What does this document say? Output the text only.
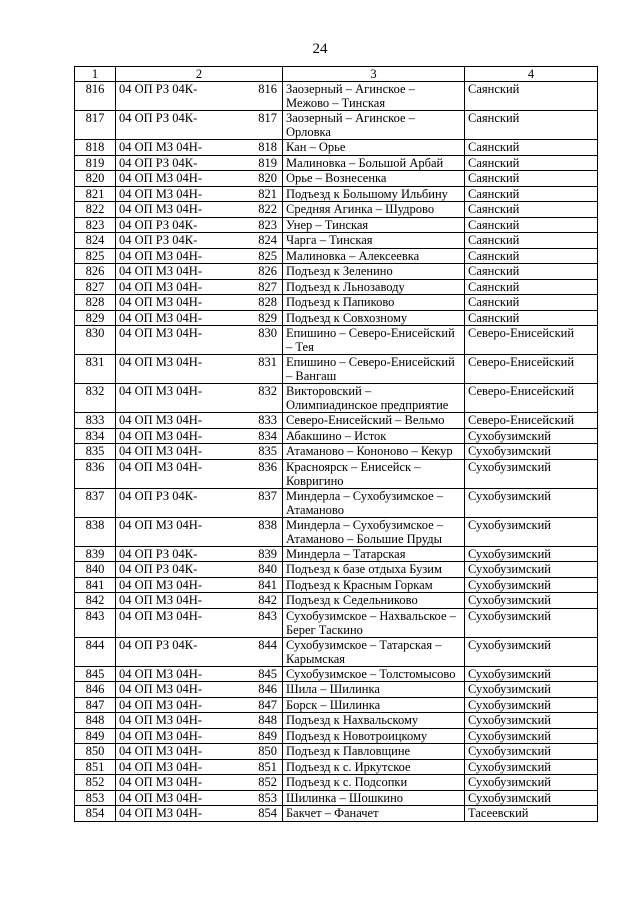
24
1	2	3	4
816	04 ОП РЗ 04К- 816	Заозерный – Агинское – Межово – Тинская	Саянский
817	04 ОП РЗ 04К- 817	Заозерный – Агинское – Орловка	Саянский
818	04 ОП МЗ 04Н- 818	Кан – Орье	Саянский
819	04 ОП РЗ 04К- 819	Малиновка – Большой Арбай	Саянский
820	04 ОП МЗ 04Н- 820	Орье – Вознесенка	Саянский
821	04 ОП МЗ 04Н- 821	Подъезд к Большому Ильбину	Саянский
822	04 ОП МЗ 04Н- 822	Средняя Агинка – Шудрово	Саянский
823	04 ОП РЗ 04К- 823	Унер – Тинская	Саянский
824	04 ОП РЗ 04К- 824	Чарга – Тинская	Саянский
825	04 ОП МЗ 04Н- 825	Малиновка – Алексеевка	Саянский
826	04 ОП МЗ 04Н- 826	Подъезд к Зеленино	Саянский
827	04 ОП МЗ 04Н- 827	Подъезд к Льнозаводу	Саянский
828	04 ОП МЗ 04Н- 828	Подъезд к Папиково	Саянский
829	04 ОП МЗ 04Н- 829	Подъезд к Совхозному	Саянский
830	04 ОП МЗ 04Н- 830	Епишино – Северо-Енисейский – Тея	Северо-Енисейский
831	04 ОП МЗ 04Н- 831	Епишино – Северо-Енисейский – Вангаш	Северо-Енисейский
832	04 ОП МЗ 04Н- 832	Викторовский – Олимпиадинское предприятие	Северо-Енисейский
833	04 ОП МЗ 04Н- 833	Северо-Енисейский – Вельмо	Северо-Енисейский
834	04 ОП МЗ 04Н- 834	Абакшино – Исток	Сухобузимский
835	04 ОП МЗ 04Н- 835	Атаманово – Кононово – Кекур	Сухобузимский
836	04 ОП МЗ 04Н- 836	Красноярск – Енисейск – Ковригино	Сухобузимский
837	04 ОП РЗ 04К- 837	Миндерла – Сухобузимское – Атаманово	Сухобузимский
838	04 ОП МЗ 04Н- 838	Миндерла – Сухобузимское – Атаманово – Большие Пруды	Сухобузимский
839	04 ОП РЗ 04К- 839	Миндерла – Татарская	Сухобузимский
840	04 ОП РЗ 04К- 840	Подъезд к базе отдыха Бузим	Сухобузимский
841	04 ОП МЗ 04Н- 841	Подъезд к Красным Горкам	Сухобузимский
842	04 ОП МЗ 04Н- 842	Подъезд к Седельниково	Сухобузимский
843	04 ОП МЗ 04Н- 843	Сухобузимское – Нахвальское – Берег Таскино	Сухобузимский
844	04 ОП РЗ 04К- 844	Сухобузимское – Татарская – Карымская	Сухобузимский
845	04 ОП МЗ 04Н- 845	Сухобузимское – Толстомысово	Сухобузимский
846	04 ОП МЗ 04Н- 846	Шила – Шилинка	Сухобузимский
847	04 ОП МЗ 04Н- 847	Борск – Шилинка	Сухобузимский
848	04 ОП МЗ 04Н- 848	Подъезд к Нахвальскому	Сухобузимский
849	04 ОП МЗ 04Н- 849	Подъезд к Новотроицкому	Сухобузимский
850	04 ОП МЗ 04Н- 850	Подъезд к Павловщине	Сухобузимский
851	04 ОП МЗ 04Н- 851	Подъезд к с. Иркутское	Сухобузимский
852	04 ОП МЗ 04Н- 852	Подъезд к с. Подсопки	Сухобузимский
853	04 ОП МЗ 04Н- 853	Шилинка – Шошкино	Сухобузимский
854	04 ОП МЗ 04Н- 854	Бакчет – Фаначет	Тасеевский
